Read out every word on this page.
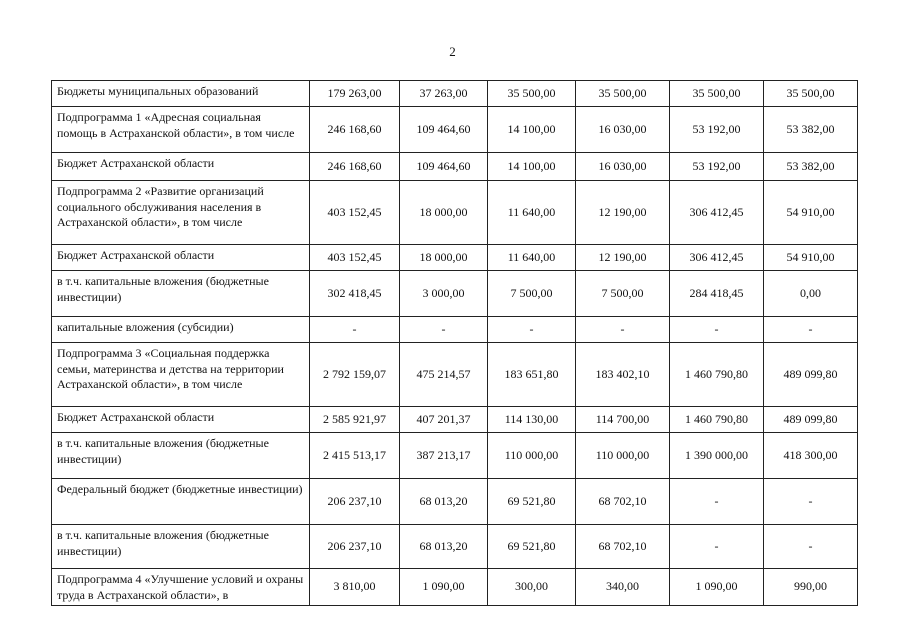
2
Бюджеты муниципальных образований	179 263,00	37 263,00	35 500,00	35 500,00	35 500,00	35 500,00
Подпрограмма 1 «Адресная социальная помощь в Астраханской области», в том числе	246 168,60	109 464,60	14 100,00	16 030,00	53 192,00	53 382,00
Бюджет Астраханской области	246 168,60	109 464,60	14 100,00	16 030,00	53 192,00	53 382,00
Подпрограмма 2 «Развитие организаций социального обслуживания населения в Астраханской области», в том числе	403 152,45	18 000,00	11 640,00	12 190,00	306 412,45	54 910,00
Бюджет Астраханской области	403 152,45	18 000,00	11 640,00	12 190,00	306 412,45	54 910,00
в т.ч. капитальные вложения (бюджетные инвестиции)	302 418,45	3 000,00	7 500,00	7 500,00	284 418,45	0,00
капитальные вложения (субсидии)	-	-	-	-	-	-
Подпрограмма 3 «Социальная поддержка семьи, материнства и детства на территории Астраханской области», в том числе	2 792 159,07	475 214,57	183 651,80	183 402,10	1 460 790,80	489 099,80
Бюджет Астраханской области	2 585 921,97	407 201,37	114 130,00	114 700,00	1 460 790,80	489 099,80
в т.ч. капитальные вложения (бюджетные инвестиции)	2 415 513,17	387 213,17	110 000,00	110 000,00	1 390 000,00	418 300,00
Федеральный бюджет (бюджетные инвестиции)	206 237,10	68 013,20	69 521,80	68 702,10	-	-
в т.ч. капитальные вложения (бюджетные инвестиции)	206 237,10	68 013,20	69 521,80	68 702,10	-	-
Подпрограмма 4 «Улучшение условий и охраны труда в Астраханской области», в	3 810,00	1 090,00	300,00	340,00	1 090,00	990,00
